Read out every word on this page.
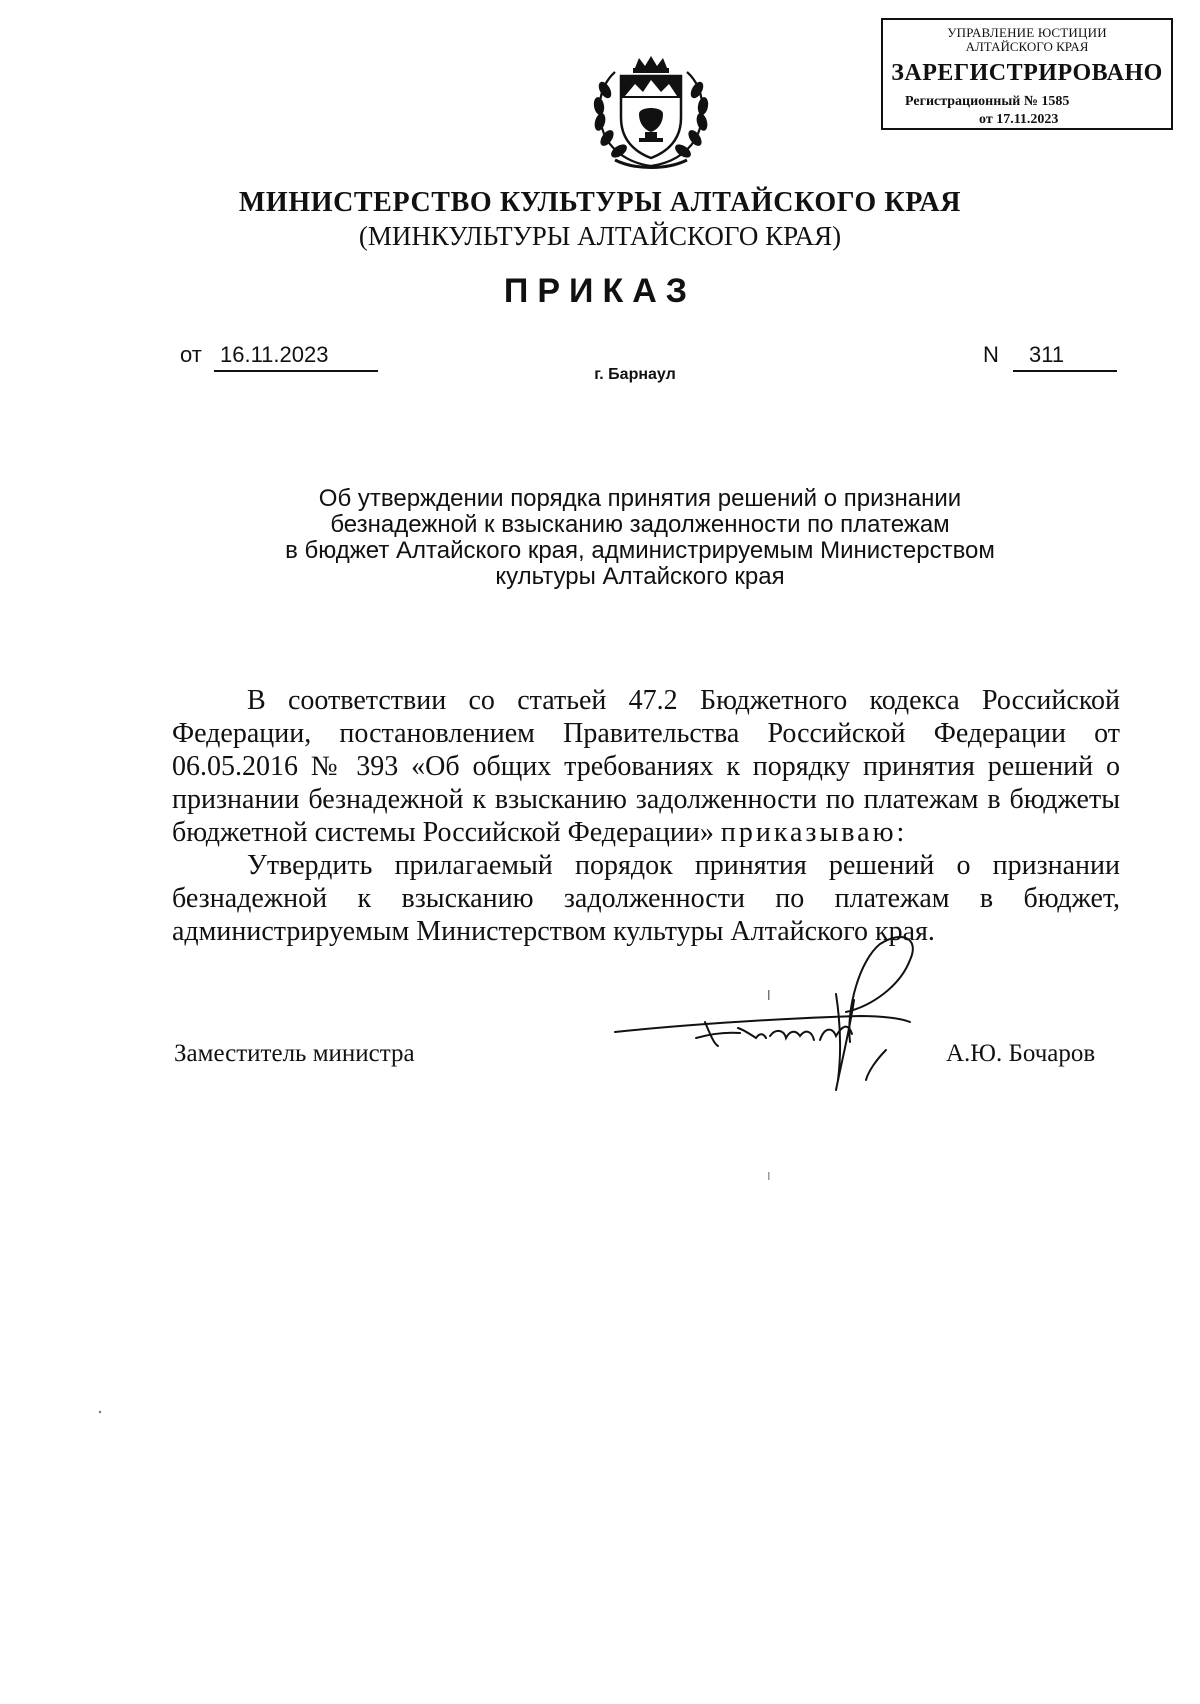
УПРАВЛЕНИЕ ЮСТИЦИИ
АЛТАЙСКОГО КРАЯ
ЗАРЕГИСТРИРОВАНО
Регистрационный № 1585
от 17.11.2023
МИНИСТЕРСТВО КУЛЬТУРЫ АЛТАЙСКОГО КРАЯ
(МИНКУЛЬТУРЫ АЛТАЙСКОГО КРАЯ)
ПРИКАЗ
от 16.11.2023	N	311
г. Барнаул
Об утверждении порядка принятия решений о признании
безнадежной к взысканию задолженности по платежам
в бюджет Алтайского края, администрируемым Министерством
культуры Алтайского края

В соответствии со статьей 47.2 Бюджетного кодекса Российской Федерации, постановлением Правительства Российской Федерации от 06.05.2016 № 393 «Об общих требованиях к порядку принятия решений о признании безнадежной к взысканию задолженности по платежам в бюджеты бюджетной системы Российской Федерации» приказываю:

Утвердить прилагаемый порядок принятия решений о признании безнадежной к взысканию задолженности по платежам в бюджет, администрируемым Министерством культуры Алтайского края.

Заместитель министра	А.Ю. Бочаров
